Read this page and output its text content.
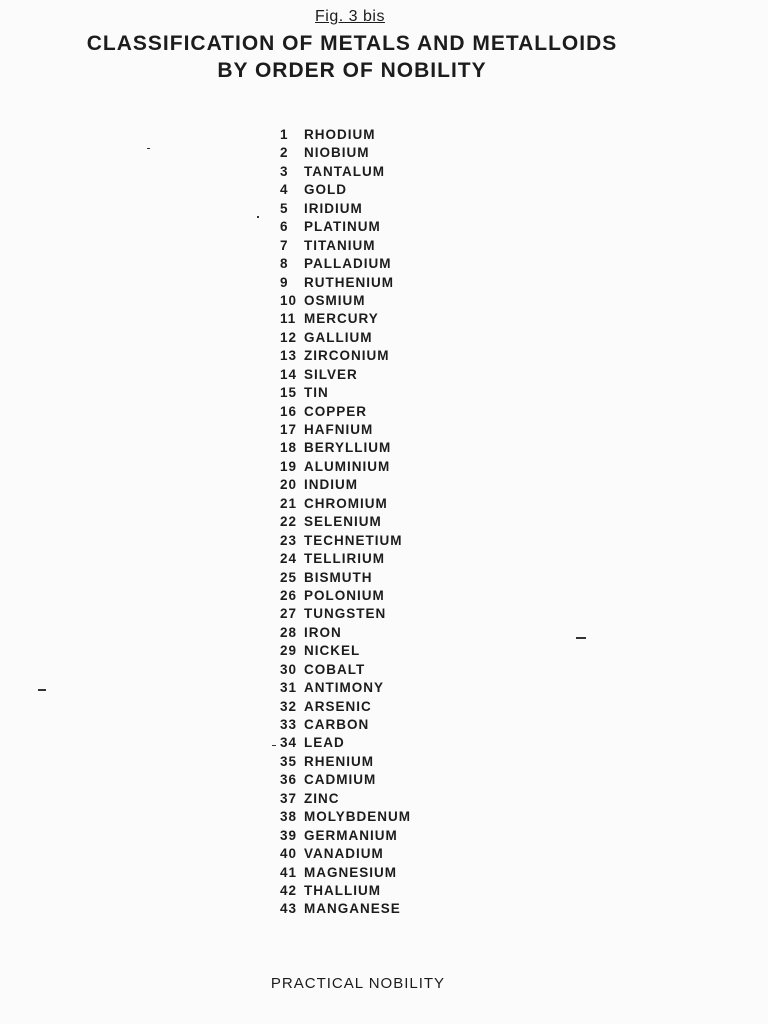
Fig. 3 bis
CLASSIFICATION OF METALS AND METALLOIDS
BY ORDER OF NOBILITY
1 RHODIUM
2 NIOBIUM
3 TANTALUM
4 GOLD
5 IRIDIUM
6 PLATINUM
7 TITANIUM
8 PALLADIUM
9 RUTHENIUM
10 OSMIUM
11 MERCURY
12 GALLIUM
13 ZIRCONIUM
14 SILVER
15 TIN
16 COPPER
17 HAFNIUM
18 BERYLLIUM
19 ALUMINIUM
20 INDIUM
21 CHROMIUM
22 SELENIUM
23 TECHNETIUM
24 TELLIRIUM
25 BISMUTH
26 POLONIUM
27 TUNGSTEN
28 IRON
29 NICKEL
30 COBALT
31 ANTIMONY
32 ARSENIC
33 CARBON
34 LEAD
35 RHENIUM
36 CADMIUM
37 ZINC
38 MOLYBDENUM
39 GERMANIUM
40 VANADIUM
41 MAGNESIUM
42 THALLIUM
43 MANGANESE
PRACTICAL NOBILITY
